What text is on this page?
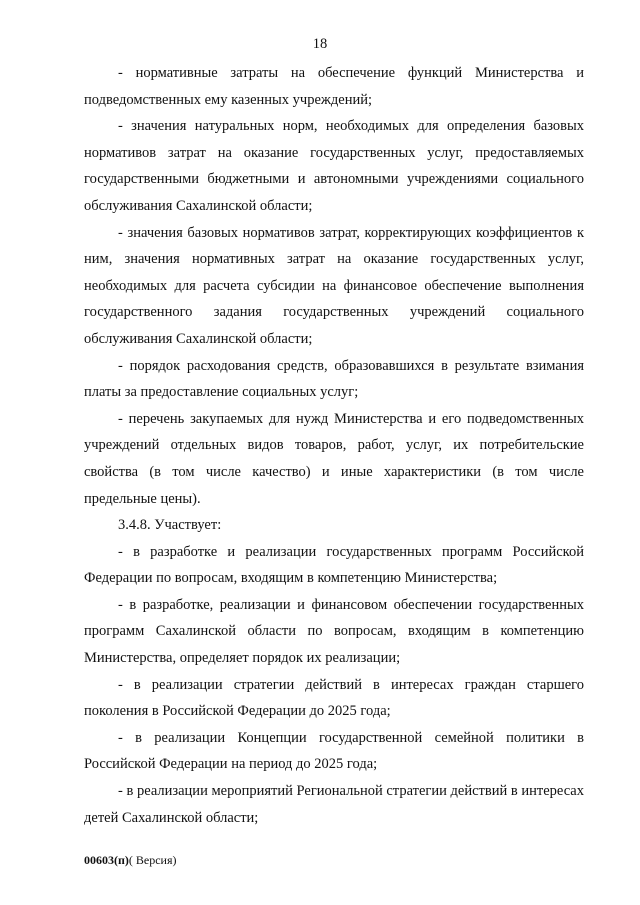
18

- нормативные затраты на обеспечение функций Министерства и подведомственных ему казенных учреждений;

- значения натуральных норм, необходимых для определения базовых нормативов затрат на оказание государственных услуг, предоставляемых государственными бюджетными и автономными учреждениями социального обслуживания Сахалинской области;

- значения базовых нормативов затрат, корректирующих коэффициентов к ним, значения нормативных затрат на оказание государственных услуг, необходимых для расчета субсидии на финансовое обеспечение выполнения государственного задания государственных учреждений социального обслуживания Сахалинской области;

- порядок расходования средств, образовавшихся в результате взимания платы за предоставление социальных услуг;

- перечень закупаемых для нужд Министерства и его подведомственных учреждений отдельных видов товаров, работ, услуг, их потребительские свойства (в том числе качество) и иные характеристики (в том числе предельные цены).

3.4.8. Участвует:

- в разработке и реализации государственных программ Российской Федерации по вопросам, входящим в компетенцию Министерства;

- в разработке, реализации и финансовом обеспечении государственных программ Сахалинской области по вопросам, входящим в компетенцию Министерства, определяет порядок их реализации;

- в реализации стратегии действий в интересах граждан старшего поколения в Российской Федерации до 2025 года;

- в реализации Концепции государственной семейной политики в Российской Федерации на период до 2025 года;

- в реализации мероприятий Региональной стратегии действий в интересах детей Сахалинской области;

00603(п)( Версия)
